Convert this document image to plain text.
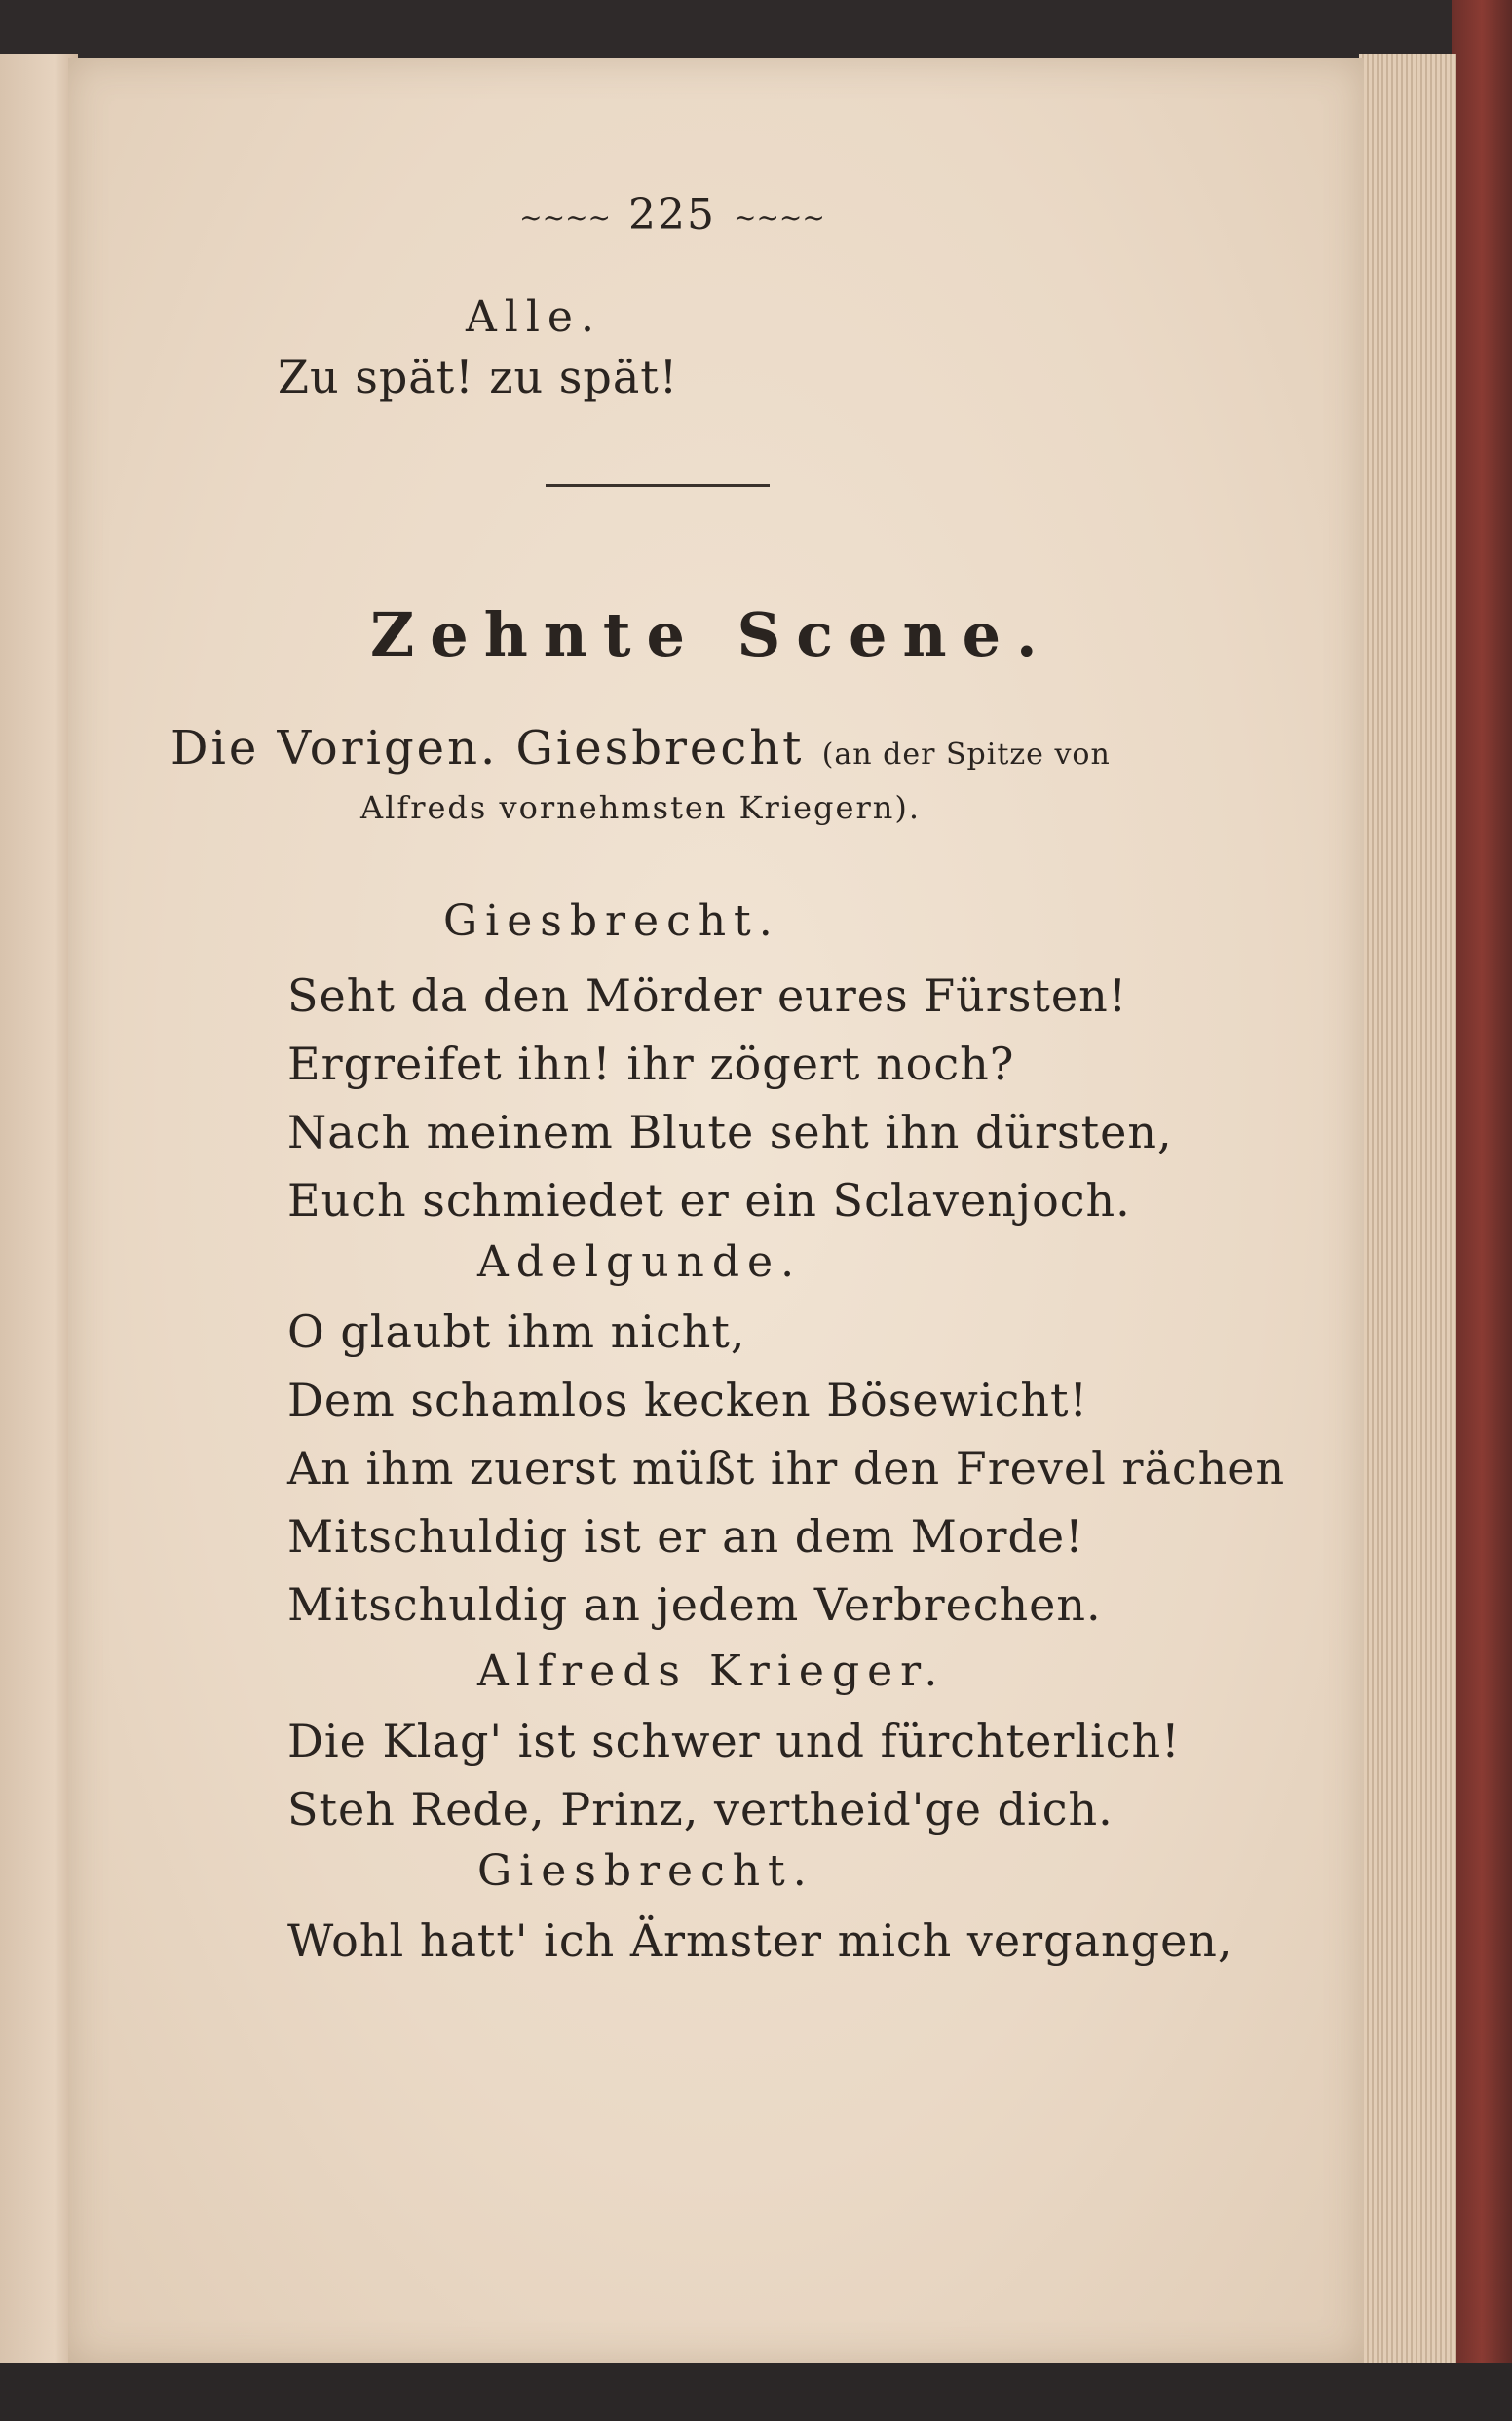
~~~~ 225 ~~~~
Alle.
Zu spät! zu spät!
Zehnte Scene.
Die Vorigen. Giesbrecht (an der Spitze von
Alfreds vornehmsten Kriegern).
Giesbrecht.
Seht da den Mörder eures Fürsten!
Ergreifet ihn! ihr zögert noch?
Nach meinem Blute seht ihn dürsten,
Euch schmiedet er ein Sclavenjoch.
Adelgunde.
O glaubt ihm nicht,
Dem schamlos kecken Bösewicht!
An ihm zuerst müßt ihr den Frevel rächen
Mitschuldig ist er an dem Morde!
Mitschuldig an jedem Verbrechen.
Alfreds Krieger.
Die Klag' ist schwer und fürchterlich!
Steh Rede, Prinz, vertheid'ge dich.
Giesbrecht.
Wohl hatt' ich Ärmster mich vergangen,
